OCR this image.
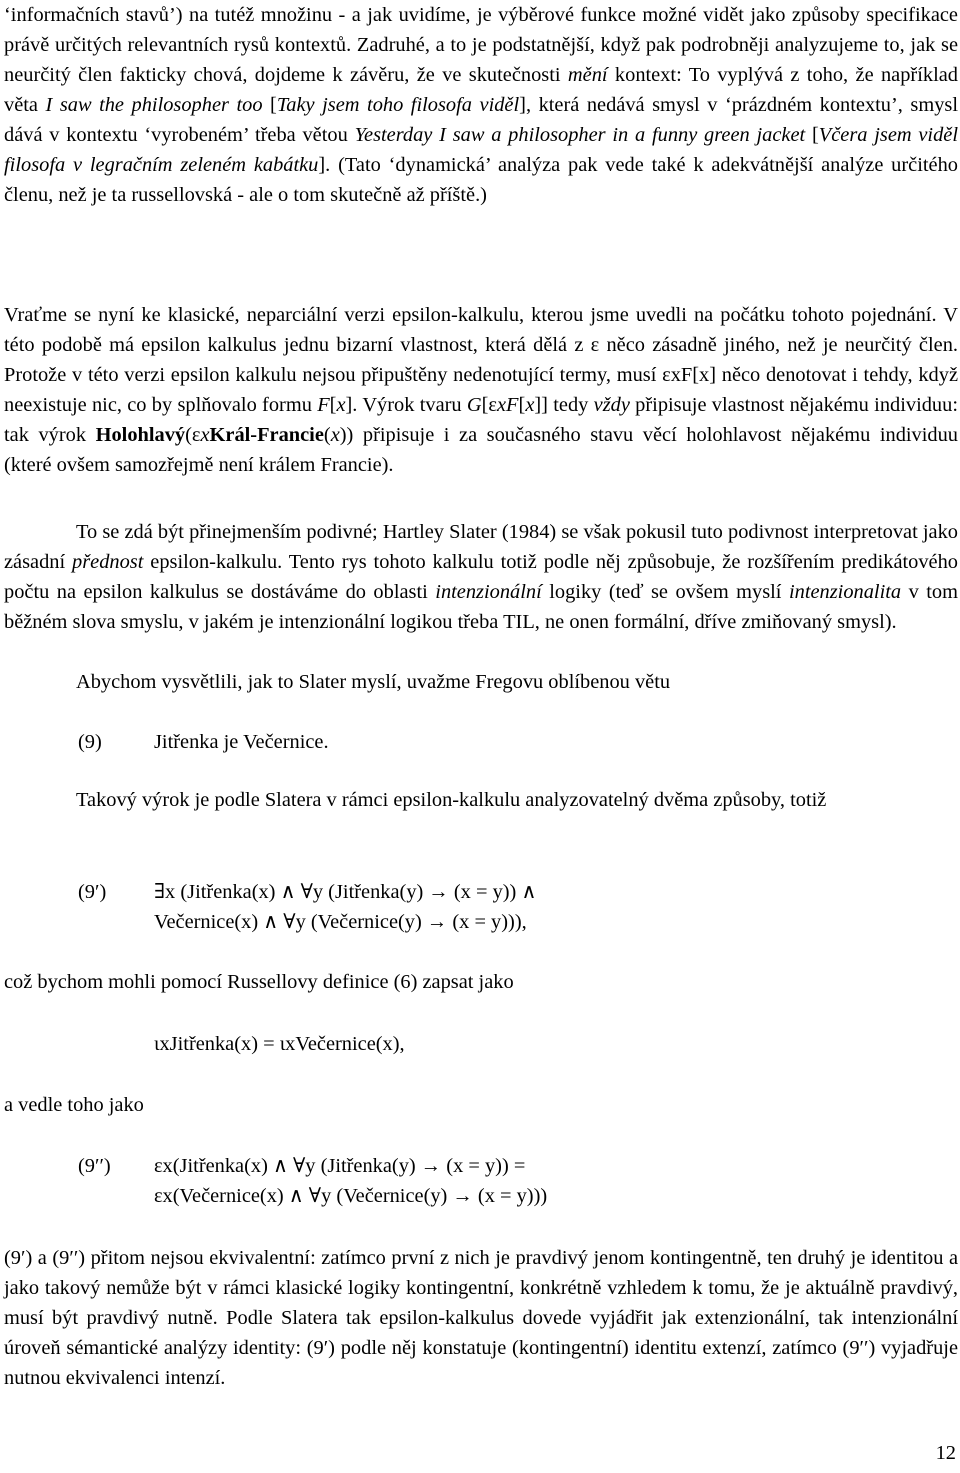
‘informačních stavů’) na tutéž množinu - a jak uvidíme, je výběrové funkce možné vidět jako způsoby specifikace právě určitých relevantních rysů kontextů. Zadruhé, a to je podstatnější, když pak podrobněji analyzujeme to, jak se neurčitý člen fakticky chová, dojdeme k závěru, že ve skutečnosti mění kontext: To vyplývá z toho, že například věta I saw the philosopher too [Taky jsem toho filosofa viděl], která nedává smysl v ‘prázdném kontextu’, smysl dává v kontextu ‘vyrobeném’ třeba větou Yesterday I saw a philosopher in a funny green jacket [Včera jsem viděl filosofa v legračním zeleném kabátku]. (Tato ‘dynamická’ analýza pak vede také k adekvátnější analýze určitého členu, než je ta russellovská - ale o tom skutečně až příště.)

Vraťme se nyní ke klasické, neparciální verzi epsilon-kalkulu, kterou jsme uvedli na počátku tohoto pojednání. V této podobě má epsilon kalkulus jednu bizarní vlastnost, která dělá z ε něco zásadně jiného, než je neurčitý člen. Protože v této verzi epsilon kalkulu nejsou připuštěny nedenotující termy, musí εxF[x] něco denotovat i tehdy, když neexistuje nic, co by splňovalo formu F[x]. Výrok tvaru G[εxF[x]] tedy vždy připisuje vlastnost nějakému individuu: tak výrok Holohlavý(εxKrál-Francie(x)) připisuje i za současného stavu věcí holohlavost nějakému individuu (které ovšem samozřejmě není králem Francie).

To se zdá být přinejmenším podivné; Hartley Slater (1984) se však pokusil tuto podivnost interpretovat jako zásadní přednost epsilon-kalkulu. Tento rys tohoto kalkulu totiž podle něj způsobuje, že rozšířením predikátového počtu na epsilon kalkulus se dostáváme do oblasti intenzionální logiky (teď se ovšem myslí intenzionalita v tom běžném slova smyslu, v jakém je intenzionální logikou třeba TIL, ne onen formální, dříve zmiňovaný smysl).

Abychom vysvětlili, jak to Slater myslí, uvažme Fregovu oblíbenou větu

(9)	Jitřenka je Večernice.

Takový výrok je podle Slatera v rámci epsilon-kalkulu analyzovatelný dvěma způsoby, totiž

(9′) ∃x (Jitřenka(x) ∧ ∀y (Jitřenka(y) → (x = y)) ∧

Večernice(x) ∧ ∀y (Večernice(y) → (x = y))),

což bychom mohli pomocí Russellovy definice (6) zapsat jako

ιxJitřenka(x) = ιxVečernice(x),

a vedle toho jako

(9′′) εx(Jitřenka(x) ∧ ∀y (Jitřenka(y) → (x = y)) =

εx(Večernice(x) ∧ ∀y (Večernice(y) → (x = y)))

(9′) a (9′′) přitom nejsou ekvivalentní: zatímco první z nich je pravdivý jenom kontingentně, ten druhý je identitou a jako takový nemůže být v rámci klasické logiky kontingentní, konkrétně vzhledem k tomu, že je aktuálně pravdivý, musí být pravdivý nutně. Podle Slatera tak epsilon-kalkulus dovede vyjádřit jak extenzionální, tak intenzionální úroveň sémantické analýzy identity: (9′) podle něj konstatuje (kontingentní) identitu extenzí, zatímco (9′′) vyjadřuje nutnou ekvivalenci intenzí.

12
